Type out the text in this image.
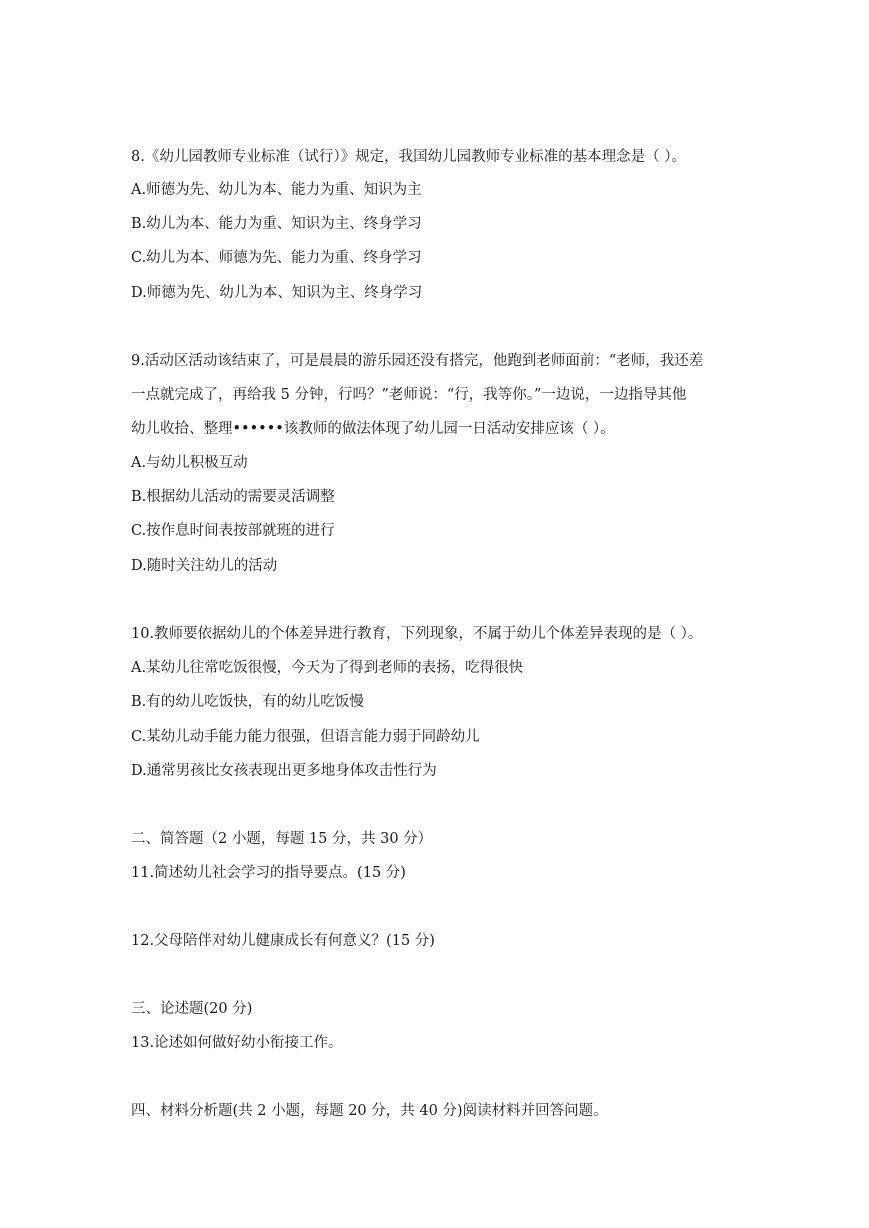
8.《幼儿园教师专业标准（试行）》规定，我国幼儿园教师专业标准的基本理念是（ ）。
A.师德为先、幼儿为本、能力为重、知识为主
B.幼儿为本、能力为重、知识为主、终身学习
C.幼儿为本、师德为先、能力为重、终身学习
D.师德为先、幼儿为本、知识为主、终身学习
9.活动区活动该结束了，可是晨晨的游乐园还没有搭完，他跑到老师面前：“老师，我还差
一点就完成了，再给我 5 分钟，行吗？”老师说：“行，我等你。”一边说，一边指导其他
幼儿收拾、整理••••••该教师的做法体现了幼儿园一日活动安排应该（ ）。
A.与幼儿积极互动
B.根据幼儿活动的需要灵活调整
C.按作息时间表按部就班的进行
D.随时关注幼儿的活动
10.教师要依据幼儿的个体差异进行教育，下列现象，不属于幼儿个体差异表现的是（ ）。
A.某幼儿往常吃饭很慢，今天为了得到老师的表扬，吃得很快
B.有的幼儿吃饭快，有的幼儿吃饭慢
C.某幼儿动手能力能力很强，但语言能力弱于同龄幼儿
D.通常男孩比女孩表现出更多地身体攻击性行为
二、简答题（2 小题，每题 15 分，共 30 分）
11.简述幼儿社会学习的指导要点。(15 分)
12.父母陪伴对幼儿健康成长有何意义？(15 分)
三、论述题(20 分)
13.论述如何做好幼小衔接工作。
四、材料分析题(共 2 小题，每题 20 分，共 40 分)阅读材料并回答问题。
